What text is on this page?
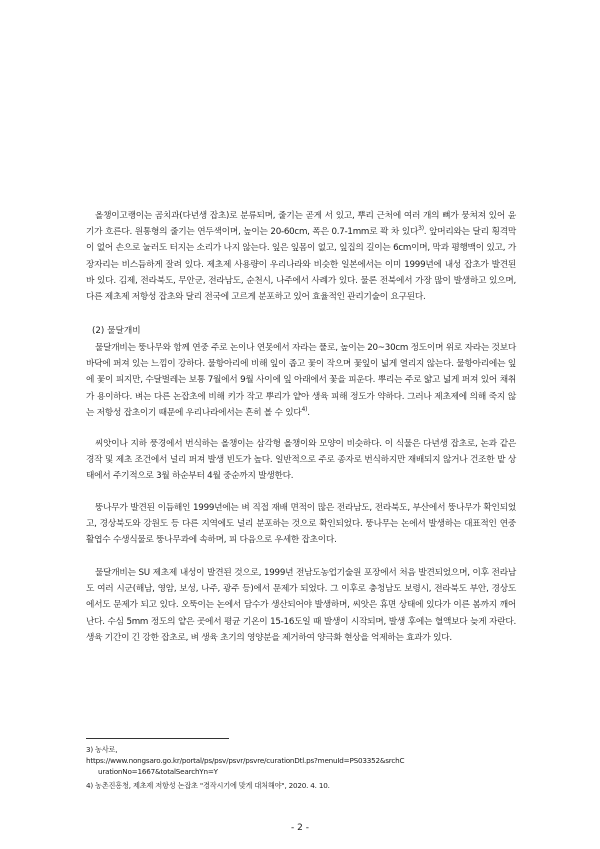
올챙이고랭이는 곰치과(다년생 잡초)로 분류되며, 줄기는 곧게 서 있고, 뿌리 근처에 여러 개의 뼈가 뭉쳐져 있어 윤기가 흐른다. 원통형의 줄기는 연두색이며, 높이는 20-60cm, 폭은 0.7-1mm로 꽉 차 있다$^{3)}$. 앞머리와는 달리 횡격막이 없어 손으로 눌러도 터지는 소리가 나지 않는다. 잎은 잎몸이 없고, 잎집의 길이는 6cm이며, 막과 평행맥이 있고, 가장자리는 비스듬하게 잘려 있다. 제초제 사용량이 우리나라와 비슷한 일본에서는 이미 1999년에 내성 잡초가 발견된 바 있다. 김제, 전라북도, 무안군, 전라남도, 순천시, 나주에서 사례가 있다. 물론 전북에서 가장 많이 발생하고 있으며, 다른 제초제 저항성 잡초와 달리 전국에 고르게 분포하고 있어 효율적인 관리기술이 요구된다.

씨앗이나 지하 풍경에서 번식하는 올챙이는 삼각형 올챙이와 모양이 비슷하다. 이 식물은 다년생 잡초로, 논과 같은 경작 및 제초 조건에서 널리 퍼져 발생 빈도가 높다. 일반적으로 주로 종자로 번식하지만 재배되지 않거나 건조한 밭 상태에서 주기적으로 3월 하순부터 4월 중순까지 발생한다.

(2) 물달개비

물달개비는 뚱나무와 함께 연중 주로 논이나 연못에서 자라는 풀로, 높이는 20~30cm 정도이며 위로 자라는 것보다 바닥에 퍼져 있는 느낌이 강하다. 물항아리에 비해 잎이 좁고 꽃이 작으며 꽃잎이 넓게 열리지 않는다. 물항아리에는 잎에 꽃이 피지만, 수달벌레는 보통 7월에서 9월 사이에 잎 아래에서 꽃을 피운다. 뿌리는 주로 얇고 넓게 퍼져 있어 채취가 용이하다. 벼는 다른 논잡초에 비해 키가 작고 뿌리가 얕아 생육 피해 정도가 약하다. 그러나 제초제에 의해 죽지 않는 저항성 잡초이기 때문에 우리나라에서는 흔히 볼 수 있다$^{4)}$.

뚱나무가 발견된 이듬해인 1999년에는 벼 직접 재배 면적이 많은 전라남도, 전라북도, 부산에서 뚱나무가 확인되었고, 경상북도와 강원도 등 다른 지역에도 널리 분포하는 것으로 확인되었다. 뚱나무는 논에서 발생하는 대표적인 연중 활엽수 수생식물로 뚱나무과에 속하며, 피 다음으로 우세한 잡초이다.

물달개비는 SU 제초제 내성이 발견된 것으로, 1999년 전남도농업기술원 포장에서 처음 발견되었으며, 이후 전라남도 여러 시군(해남, 영암, 보성, 나주, 광주 등)에서 문제가 되었다. 그 이후로 충청남도 보령시, 전라북도 부안, 경상도에서도 문제가 되고 있다. 오뚝이는 논에서 담수가 생산되어야 발생하며, 씨앗은 휴면 상태에 있다가 이른 봄까지 깨어난다. 수심 5mm 정도의 얕은 곳에서 평균 기온이 15-16도일 때 발생이 시작되며, 발생 후에는 혈액보다 늦게 자란다. 생육 기간이 긴 강한 잡초로, 벼 생육 초기의 영양분을 제거하여 양극화 현상을 억제하는 효과가 있다.

3) 농사로,

https://www.nongsaro.go.kr/portal/ps/psv/psvr/psvre/curationDtl.ps?menuId=PS03352&srchC

urationNo=1667&totalSearchYn=Y

4) 농촌진흥청, 제초제 저항성 논잡초 "경작시기에 맞게 대처해야", 2020. 4. 10.

- 2 -
